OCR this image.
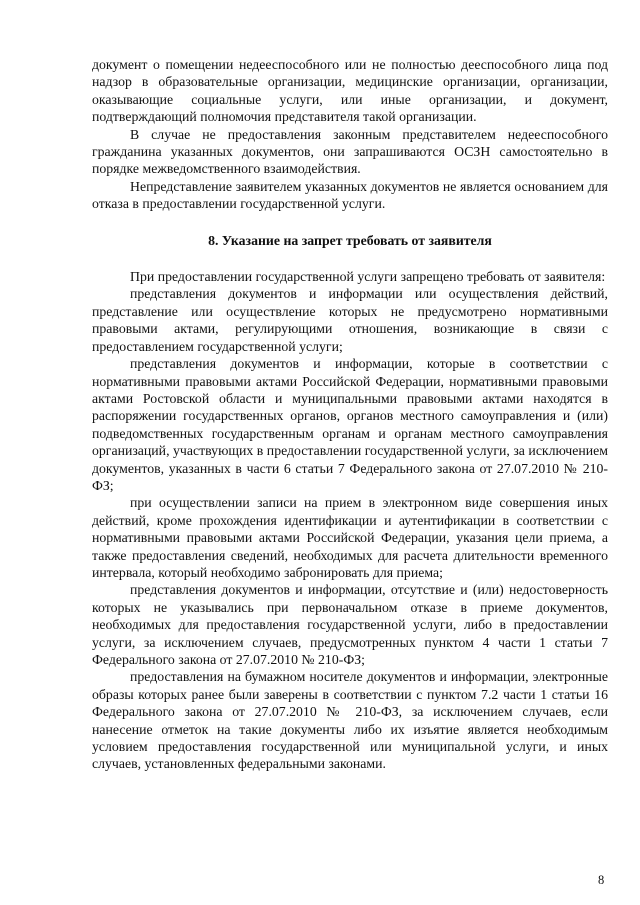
документ о помещении недееспособного или не полностью дееспособного лица под надзор в образовательные организации, медицинские организации, организации, оказывающие социальные услуги, или иные организации, и документ, подтверждающий полномочия представителя такой организации.

В случае не предоставления законным представителем недееспособного гражданина указанных документов, они запрашиваются ОСЗН самостоятельно в порядке межведомственного взаимодействия.

Непредставление заявителем указанных документов не является основанием для отказа в предоставлении государственной услуги.

8. Указание на запрет требовать от заявителя

При предоставлении государственной услуги запрещено требовать от заявителя:

представления документов и информации или осуществления действий, представление или осуществление которых не предусмотрено нормативными правовыми актами, регулирующими отношения, возникающие в связи с предоставлением государственной услуги;

представления документов и информации, которые в соответствии с нормативными правовыми актами Российской Федерации, нормативными правовыми актами Ростовской области и муниципальными правовыми актами находятся в распоряжении государственных органов, органов местного самоуправления и (или) подведомственных государственным органам и органам местного самоуправления организаций, участвующих в предоставлении государственной услуги, за исключением документов, указанных в части 6 статьи 7 Федерального закона от 27.07.2010 № 210-ФЗ;

при осуществлении записи на прием в электронном виде совершения иных действий, кроме прохождения идентификации и аутентификации в соответствии с нормативными правовыми актами Российской Федерации, указания цели приема, а также предоставления сведений, необходимых для расчета длительности временного интервала, который необходимо забронировать для приема;

представления документов и информации, отсутствие и (или) недостоверность которых не указывались при первоначальном отказе в приеме документов, необходимых для предоставления государственной услуги, либо в предоставлении услуги, за исключением случаев, предусмотренных пунктом 4 части 1 статьи 7 Федерального закона от 27.07.2010 № 210-ФЗ;

предоставления на бумажном носителе документов и информации, электронные образы которых ранее были заверены в соответствии с пунктом 7.2 части 1 статьи 16 Федерального закона от 27.07.2010 № 210-ФЗ, за исключением случаев, если нанесение отметок на такие документы либо их изъятие является необходимым условием предоставления государственной или муниципальной услуги, и иных случаев, установленных федеральными законами.

8
